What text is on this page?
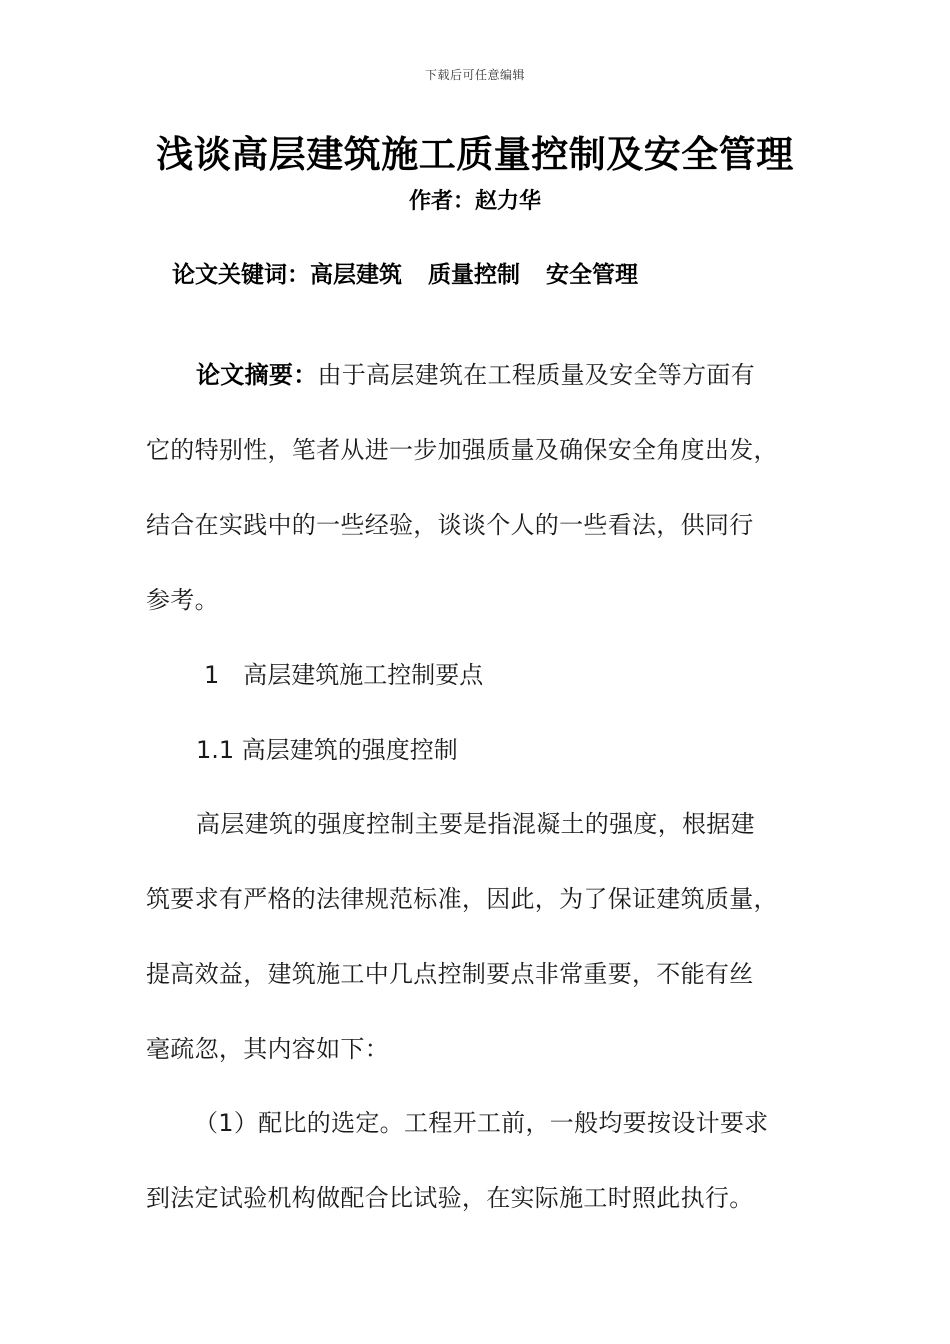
下载后可任意编辑
浅谈高层建筑施工质量控制及安全管理
作者：赵力华
论文关键词：高层建筑 质量控制 安全管理
论文摘要：由于高层建筑在工程质量及安全等方面有
它的特别性，笔者从进一步加强质量及确保安全角度出发，
结合在实践中的一些经验，谈谈个人的一些看法，供同行
参考。
1 高层建筑施工控制要点
1.1 高层建筑的强度控制
高层建筑的强度控制主要是指混凝土的强度，根据建
筑要求有严格的法律规范标准，因此，为了保证建筑质量，
提高效益，建筑施工中几点控制要点非常重要，不能有丝
毫疏忽，其内容如下：
（1）配比的选定。工程开工前，一般均要按设计要求
到法定试验机构做配合比试验，在实际施工时照此执行。
